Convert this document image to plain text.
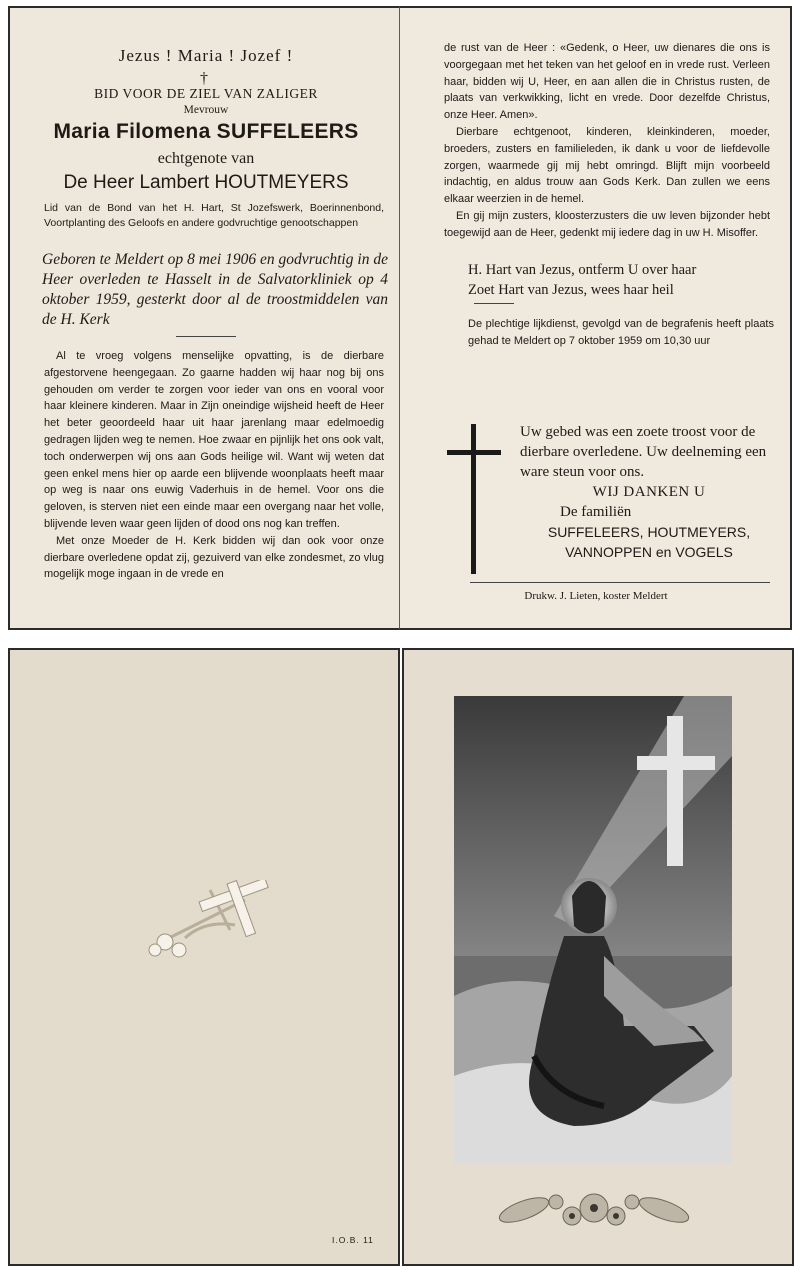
Jezus ! Maria ! Jozef !
†
BID VOOR DE ZIEL VAN ZALIGER
Mevrouw
Maria Filomena SUFFELEERS
echtgenote van
De Heer Lambert HOUTMEYERS
Lid van de Bond van het H. Hart, St Jozefswerk, Boerinnenbond, Voortplanting des Geloofs en andere godvruchtige genootschappen
Geboren te Meldert op 8 mei 1906 en godvruchtig in de Heer overleden te Hasselt in de Salvatorkliniek op 4 oktober 1959, gesterkt door al de troostmiddelen van de H. Kerk

Al te vroeg volgens menselijke opvatting, is de dierbare afgestorvene heengegaan. Zo gaarne hadden wij haar nog bij ons gehouden om verder te zorgen voor ieder van ons en vooral voor haar kleinere kinderen. Maar in Zijn oneindige wijsheid heeft de Heer het beter geoordeeld haar uit haar jarenlang maar edelmoedig gedragen lijden weg te nemen. Hoe zwaar en pijnlijk het ons ook valt, toch onderwerpen wij ons aan Gods heilige wil. Want wij weten dat geen enkel mens hier op aarde een blijvende woonplaats heeft maar op weg is naar ons euwig Vaderhuis in de hemel. Voor ons die geloven, is sterven niet een einde maar een overgang naar het volle, blijvende leven waar geen lijden of dood ons nog kan treffen.

Met onze Moeder de H. Kerk bidden wij dan ook voor onze dierbare overledene opdat zij, gezuiverd van elke zondesmet, zo vlug mogelijk moge ingaan in de vrede en

de rust van de Heer : «Gedenk, o Heer, uw dienares die ons is voorgegaan met het teken van het geloof en in vrede rust. Verleen haar, bidden wij U, Heer, en aan allen die in Christus rusten, de plaats van verkwikking, licht en vrede. Door dezelfde Christus, onze Heer. Amen».

Dierbare echtgenoot, kinderen, kleinkinderen, moeder, broeders, zusters en familieleden, ik dank u voor de liefdevolle zorgen, waarmede gij mij hebt omringd. Blijft mijn voorbeeld indachtig, en aldus trouw aan Gods Kerk. Dan zullen we eens elkaar weerzien in de hemel.

En gij mijn zusters, kloosterzusters die uw leven bijzonder hebt toegewijd aan de Heer, gedenkt mij iedere dag in uw H. Misoffer.

H. Hart van Jezus, ontferm U over haar
Zoet Hart van Jezus, wees haar heil
De plechtige lijkdienst, gevolgd van de begrafenis heeft plaats gehad te Meldert op 7 oktober 1959 om 10,30 uur
Uw gebed was een zoete troost voor de dierbare overledene. Uw deelneming een ware steun voor ons.
WIJ DANKEN U
De familiën
SUFFELEERS, HOUTMEYERS,
VANNOPPEN en VOGELS
Drukw. J. Lieten, koster Meldert
I.O.B. 11
